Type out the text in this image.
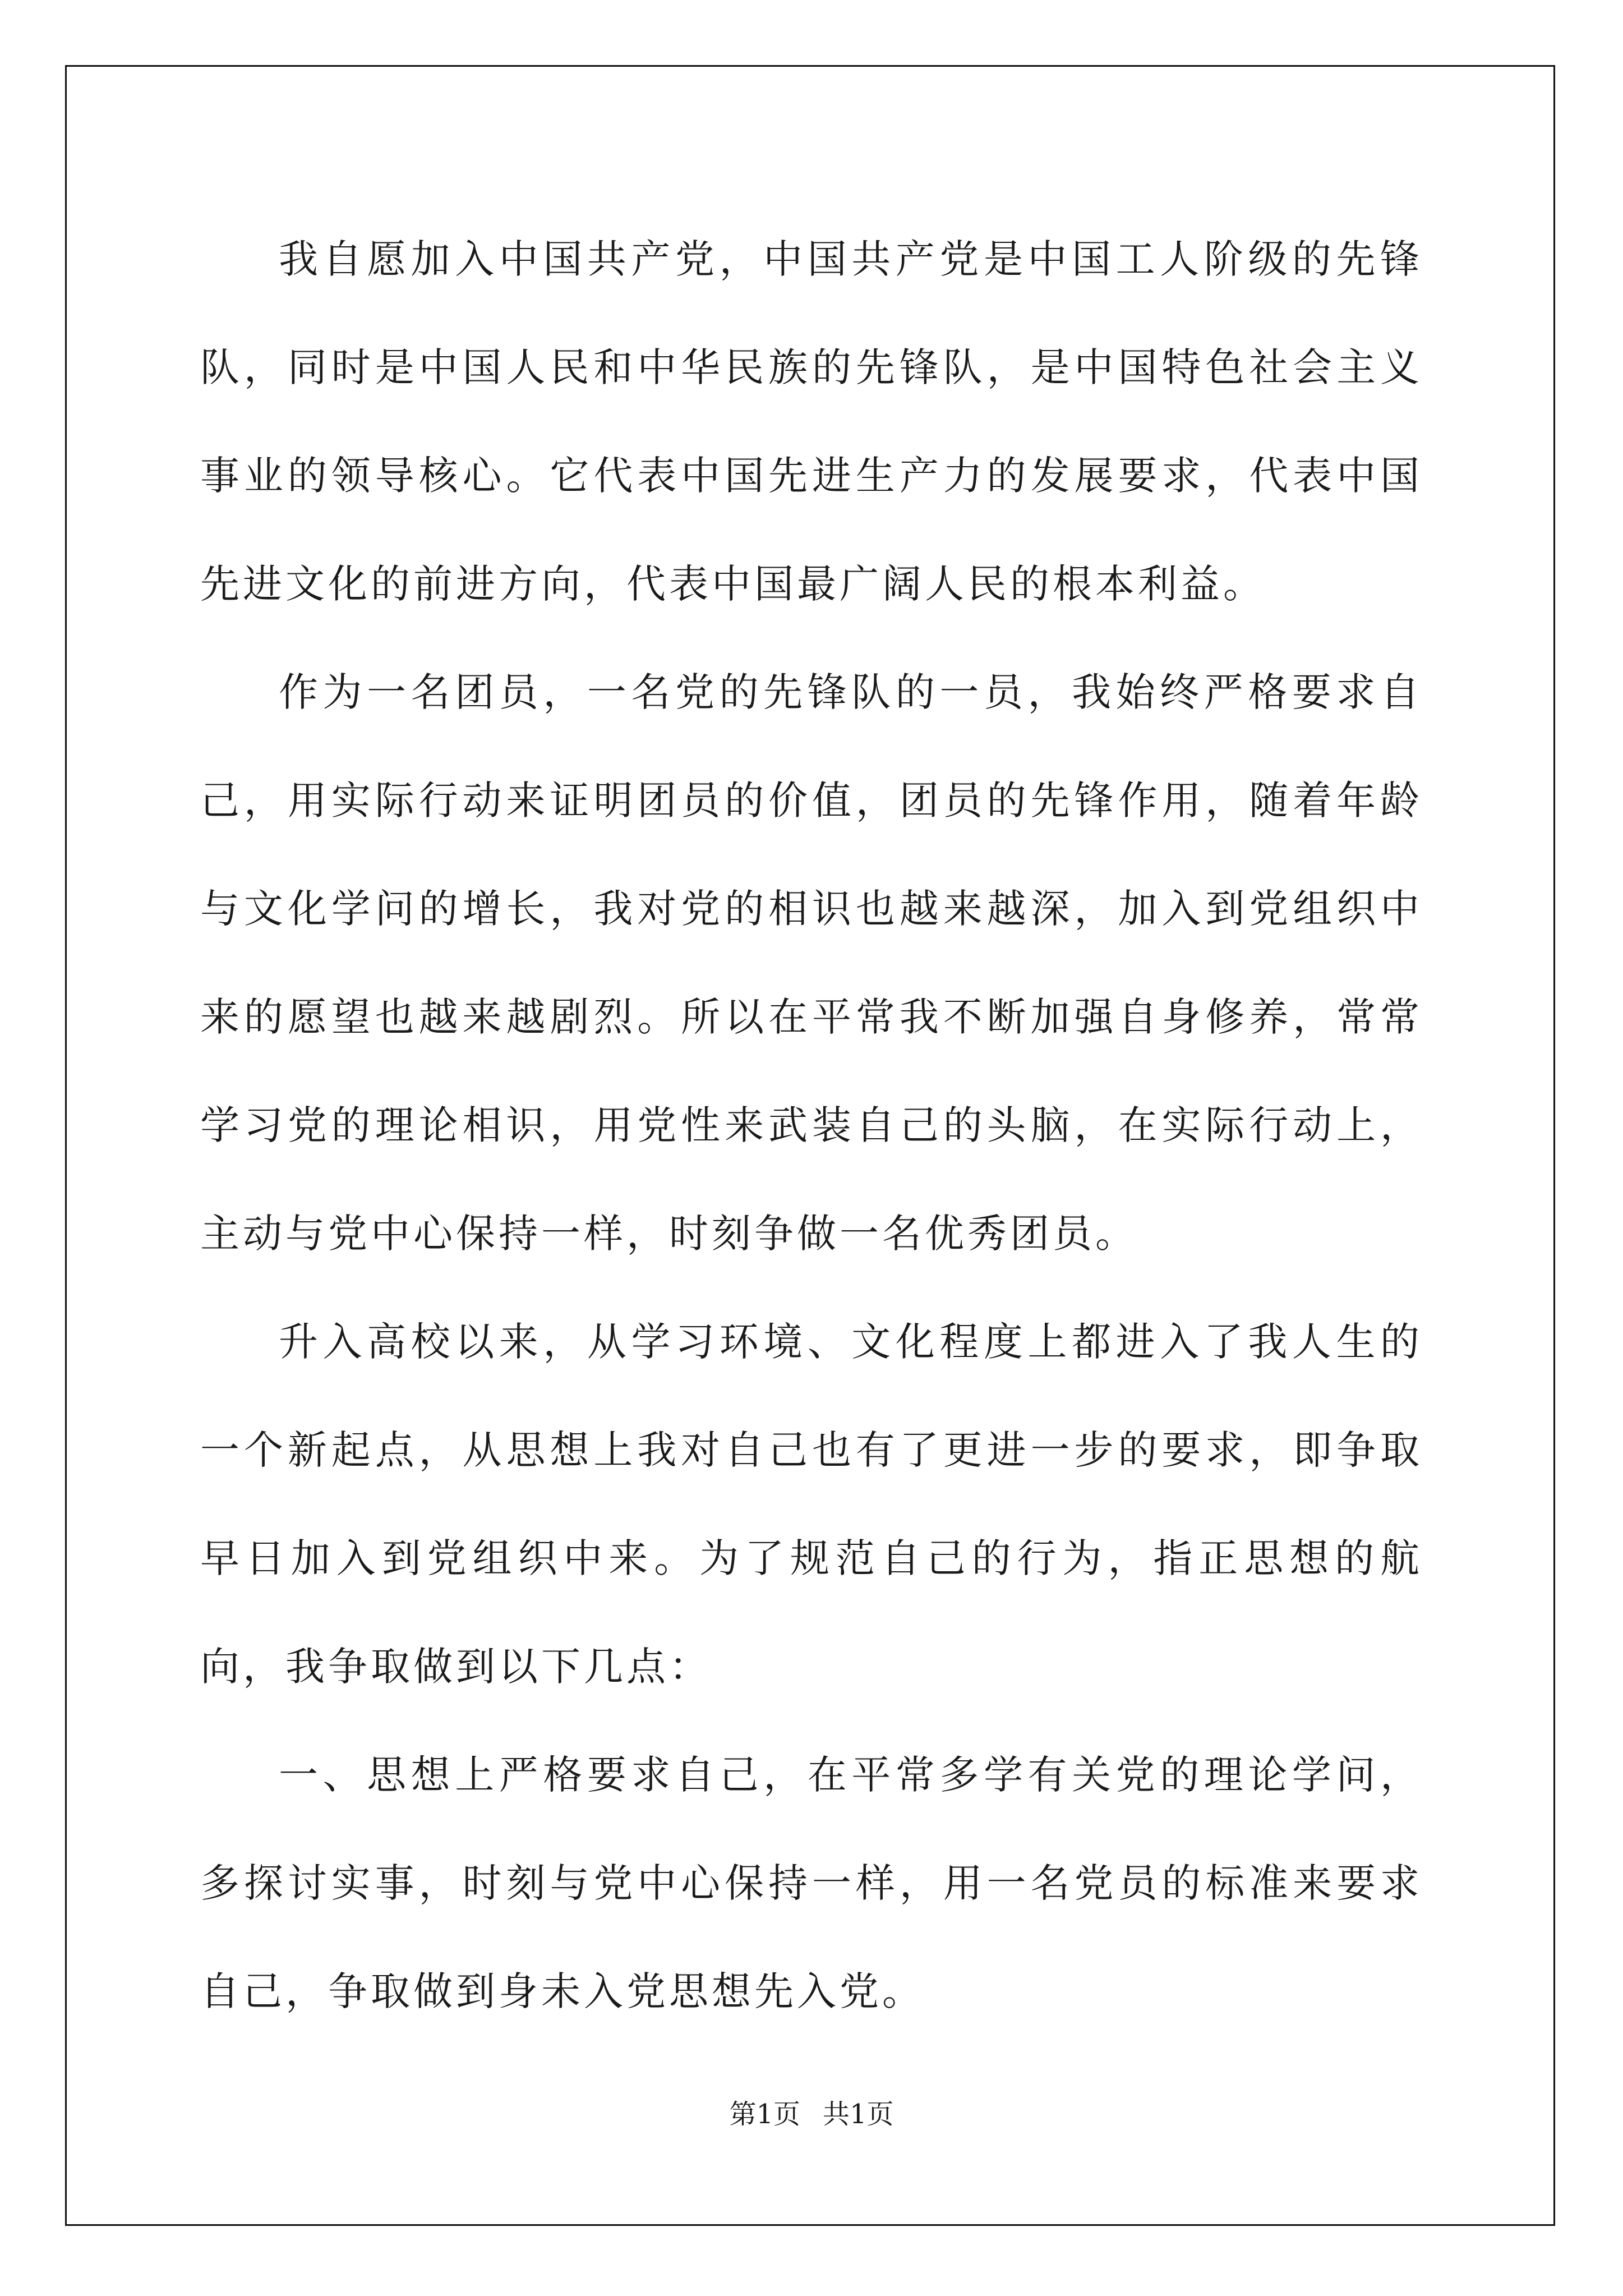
我自愿加入中国共产党，中国共产党是中国工人阶级的先锋队，同时是中国人民和中华民族的先锋队，是中国特色社会主义事业的领导核心。它代表中国先进生产力的发展要求，代表中国先进文化的前进方向，代表中国最广阔人民的根本利益。

作为一名团员，一名党的先锋队的一员，我始终严格要求自己，用实际行动来证明团员的价值，团员的先锋作用，随着年龄与文化学问的增长，我对党的相识也越来越深，加入到党组织中来的愿望也越来越剧烈。所以在平常我不断加强自身修养，常常学习党的理论相识，用党性来武装自己的头脑，在实际行动上，主动与党中心保持一样，时刻争做一名优秀团员。

升入高校以来，从学习环境、文化程度上都进入了我人生的一个新起点，从思想上我对自己也有了更进一步的要求，即争取早日加入到党组织中来。为了规范自己的行为，指正思想的航向，我争取做到以下几点：

一、思想上严格要求自己，在平常多学有关党的理论学问，多探讨实事，时刻与党中心保持一样，用一名党员的标准来要求自己，争取做到身未入党思想先入党。

第1页 共1页
